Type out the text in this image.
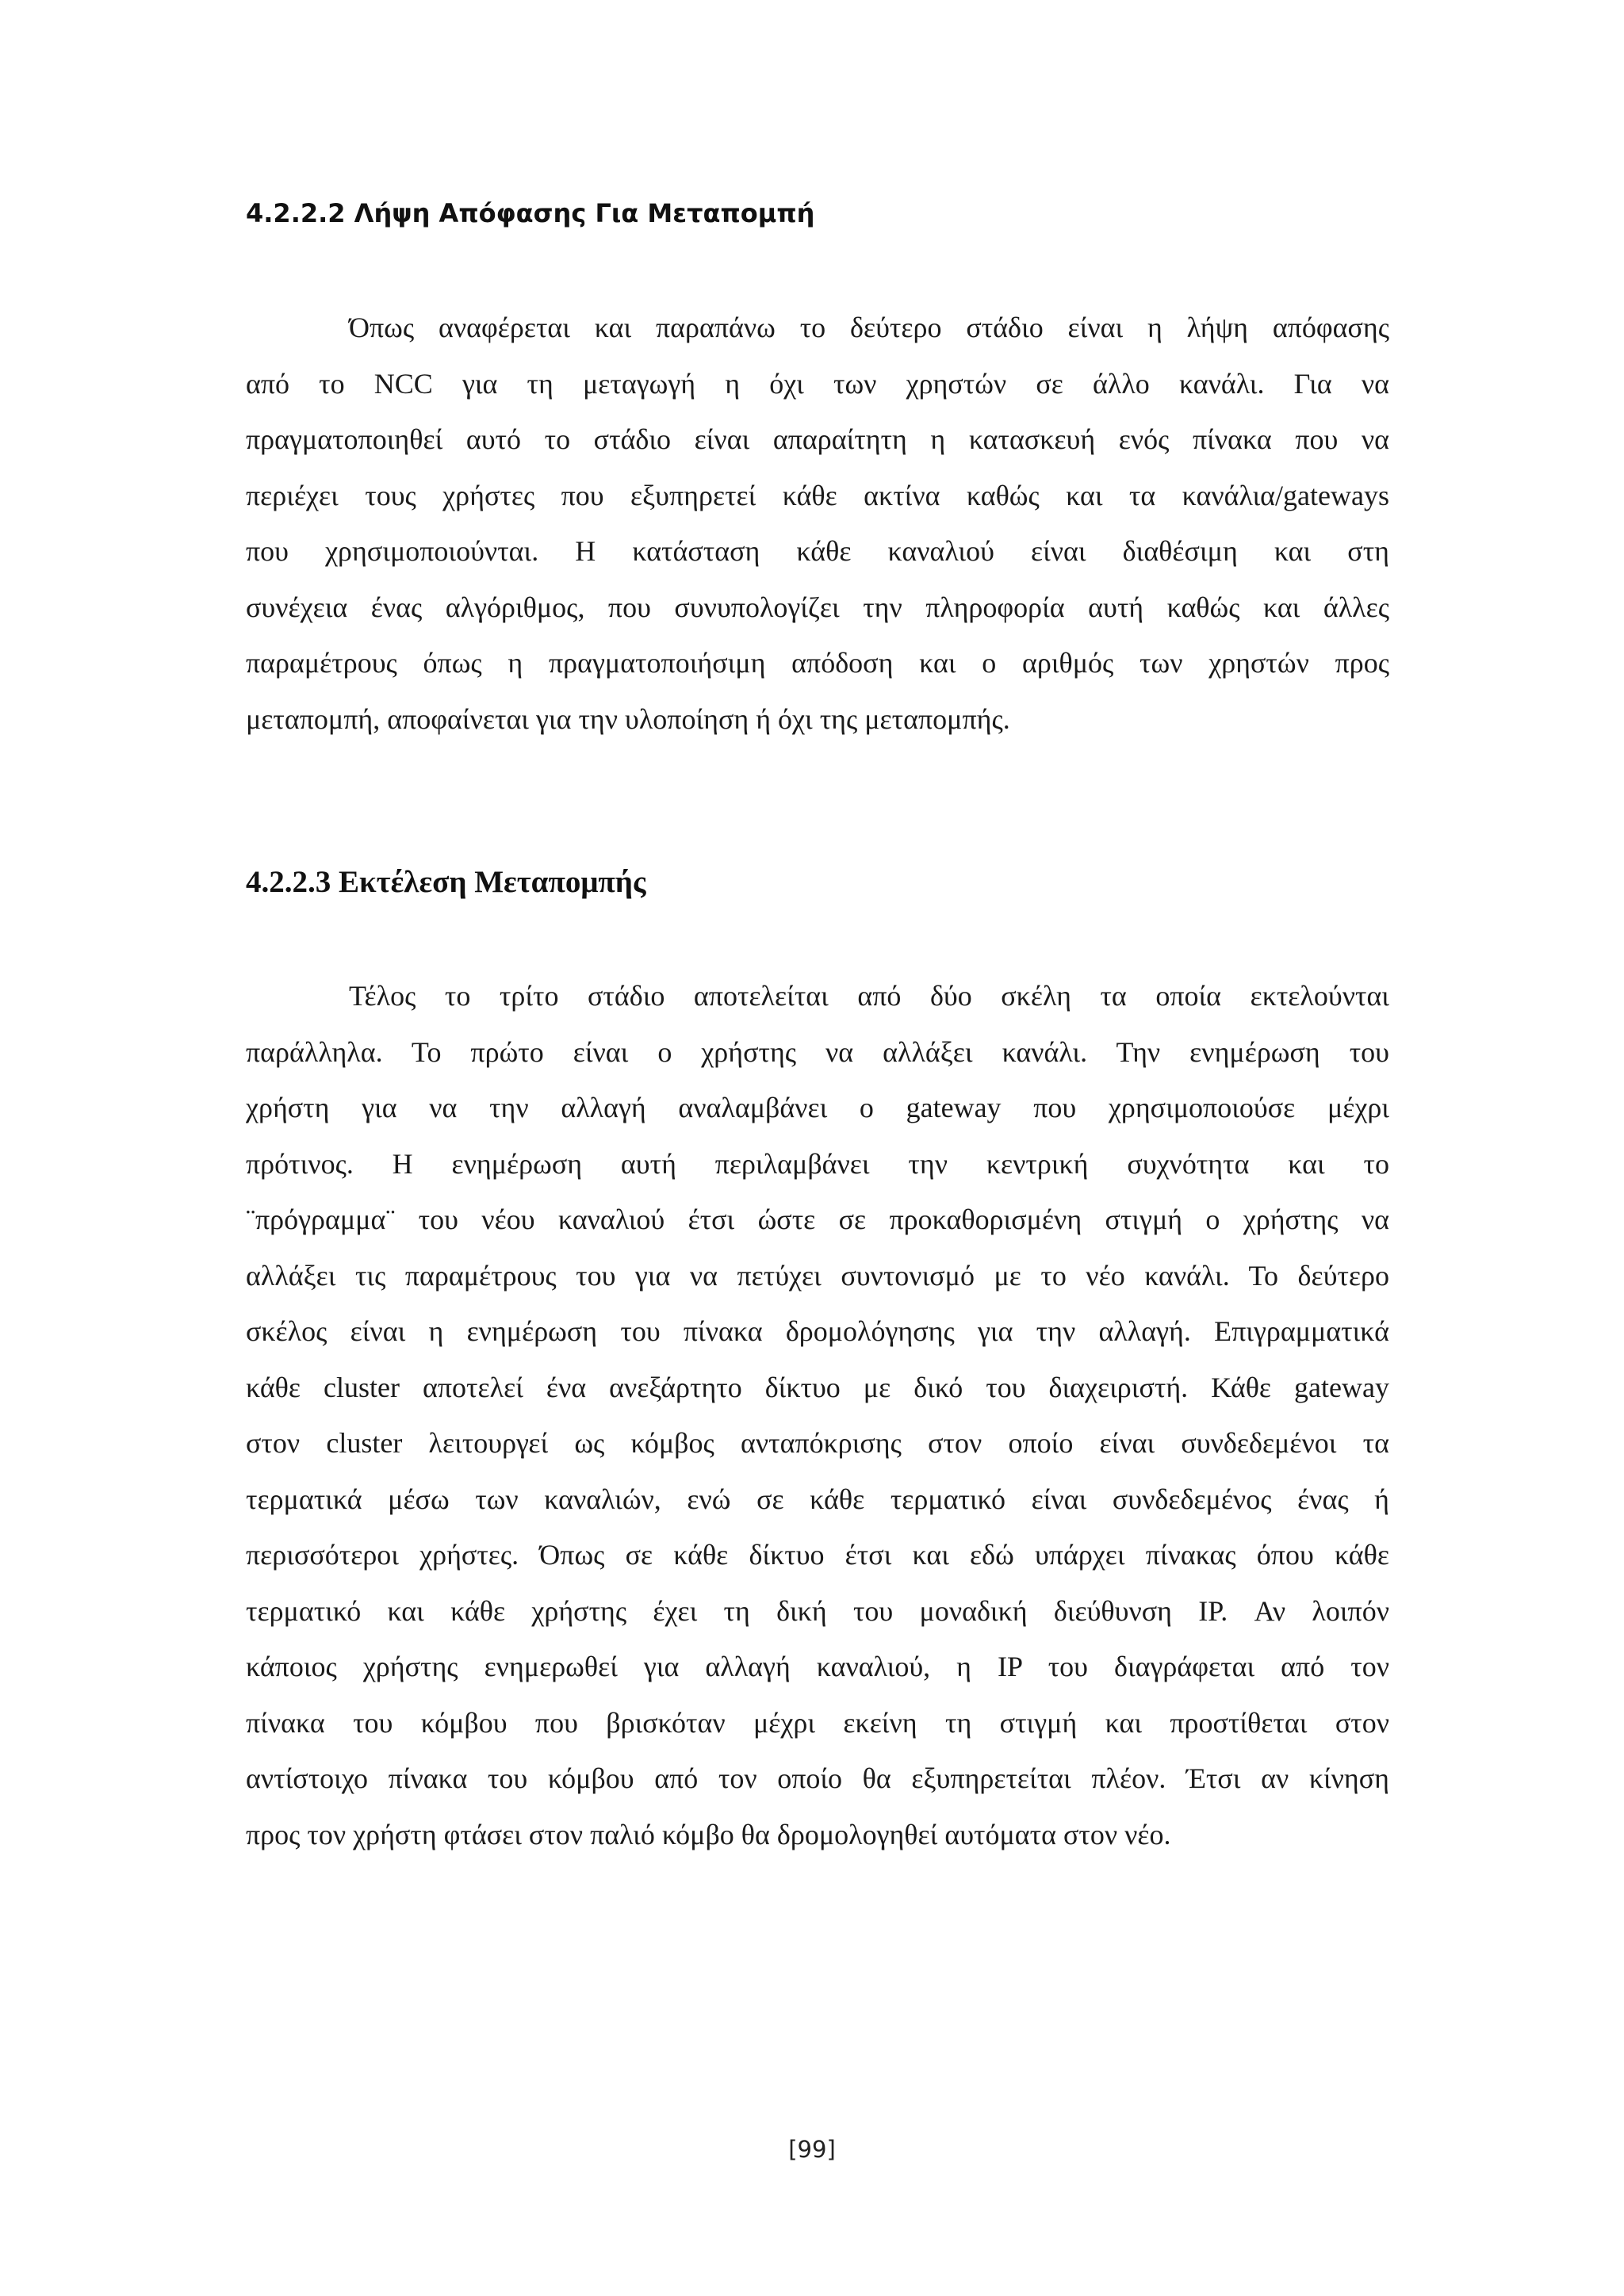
4.2.2.2 Λήψη Απόφασης Για Μεταπομπή
Όπως αναφέρεται και παραπάνω το δεύτερο στάδιο είναι η λήψη απόφασης
από το NCC για τη μεταγωγή η όχι των χρηστών σε άλλο κανάλι. Για να
πραγματοποιηθεί αυτό το στάδιο είναι απαραίτητη η κατασκευή ενός πίνακα που να
περιέχει τους χρήστες που εξυπηρετεί κάθε ακτίνα καθώς και τα κανάλια/gateways
που χρησιμοποιούνται. Η κατάσταση κάθε καναλιού είναι διαθέσιμη και στη
συνέχεια ένας αλγόριθμος, που συνυπολογίζει την πληροφορία αυτή καθώς και άλλες
παραμέτρους όπως η πραγματοποιήσιμη απόδοση και ο αριθμός των χρηστών προς
μεταπομπή, αποφαίνεται για την υλοποίηση ή όχι της μεταπομπής.
4.2.2.3 Εκτέλεση Μεταπομπής
Τέλος το τρίτο στάδιο αποτελείται από δύο σκέλη τα οποία εκτελούνται
παράλληλα. Το πρώτο είναι ο χρήστης να αλλάξει κανάλι. Την ενημέρωση του
χρήστη για να την αλλαγή αναλαμβάνει ο gateway που χρησιμοποιούσε μέχρι
πρότινος. Η ενημέρωση αυτή περιλαμβάνει την κεντρική συχνότητα και το
¨πρόγραμμα¨ του νέου καναλιού έτσι ώστε σε προκαθορισμένη στιγμή ο χρήστης να
αλλάξει τις παραμέτρους του για να πετύχει συντονισμό με το νέο κανάλι. Το δεύτερο
σκέλος είναι η ενημέρωση του πίνακα δρομολόγησης για την αλλαγή. Επιγραμματικά
κάθε cluster αποτελεί ένα ανεξάρτητο δίκτυο με δικό του διαχειριστή. Κάθε gateway
στον cluster λειτουργεί ως κόμβος ανταπόκρισης στον οποίο είναι συνδεδεμένοι τα
τερματικά μέσω των καναλιών, ενώ σε κάθε τερματικό είναι συνδεδεμένος ένας ή
περισσότεροι χρήστες. Όπως σε κάθε δίκτυο έτσι και εδώ υπάρχει πίνακας όπου κάθε
τερματικό και κάθε χρήστης έχει τη δική του μοναδική διεύθυνση IP. Αν λοιπόν
κάποιος χρήστης ενημερωθεί για αλλαγή καναλιού, η IP του διαγράφεται από τον
πίνακα του κόμβου που βρισκόταν μέχρι εκείνη τη στιγμή και προστίθεται στον
αντίστοιχο πίνακα του κόμβου από τον οποίο θα εξυπηρετείται πλέον. Έτσι αν κίνηση
προς τον χρήστη φτάσει στον παλιό κόμβο θα δρομολογηθεί αυτόματα στον νέο.
[99]
